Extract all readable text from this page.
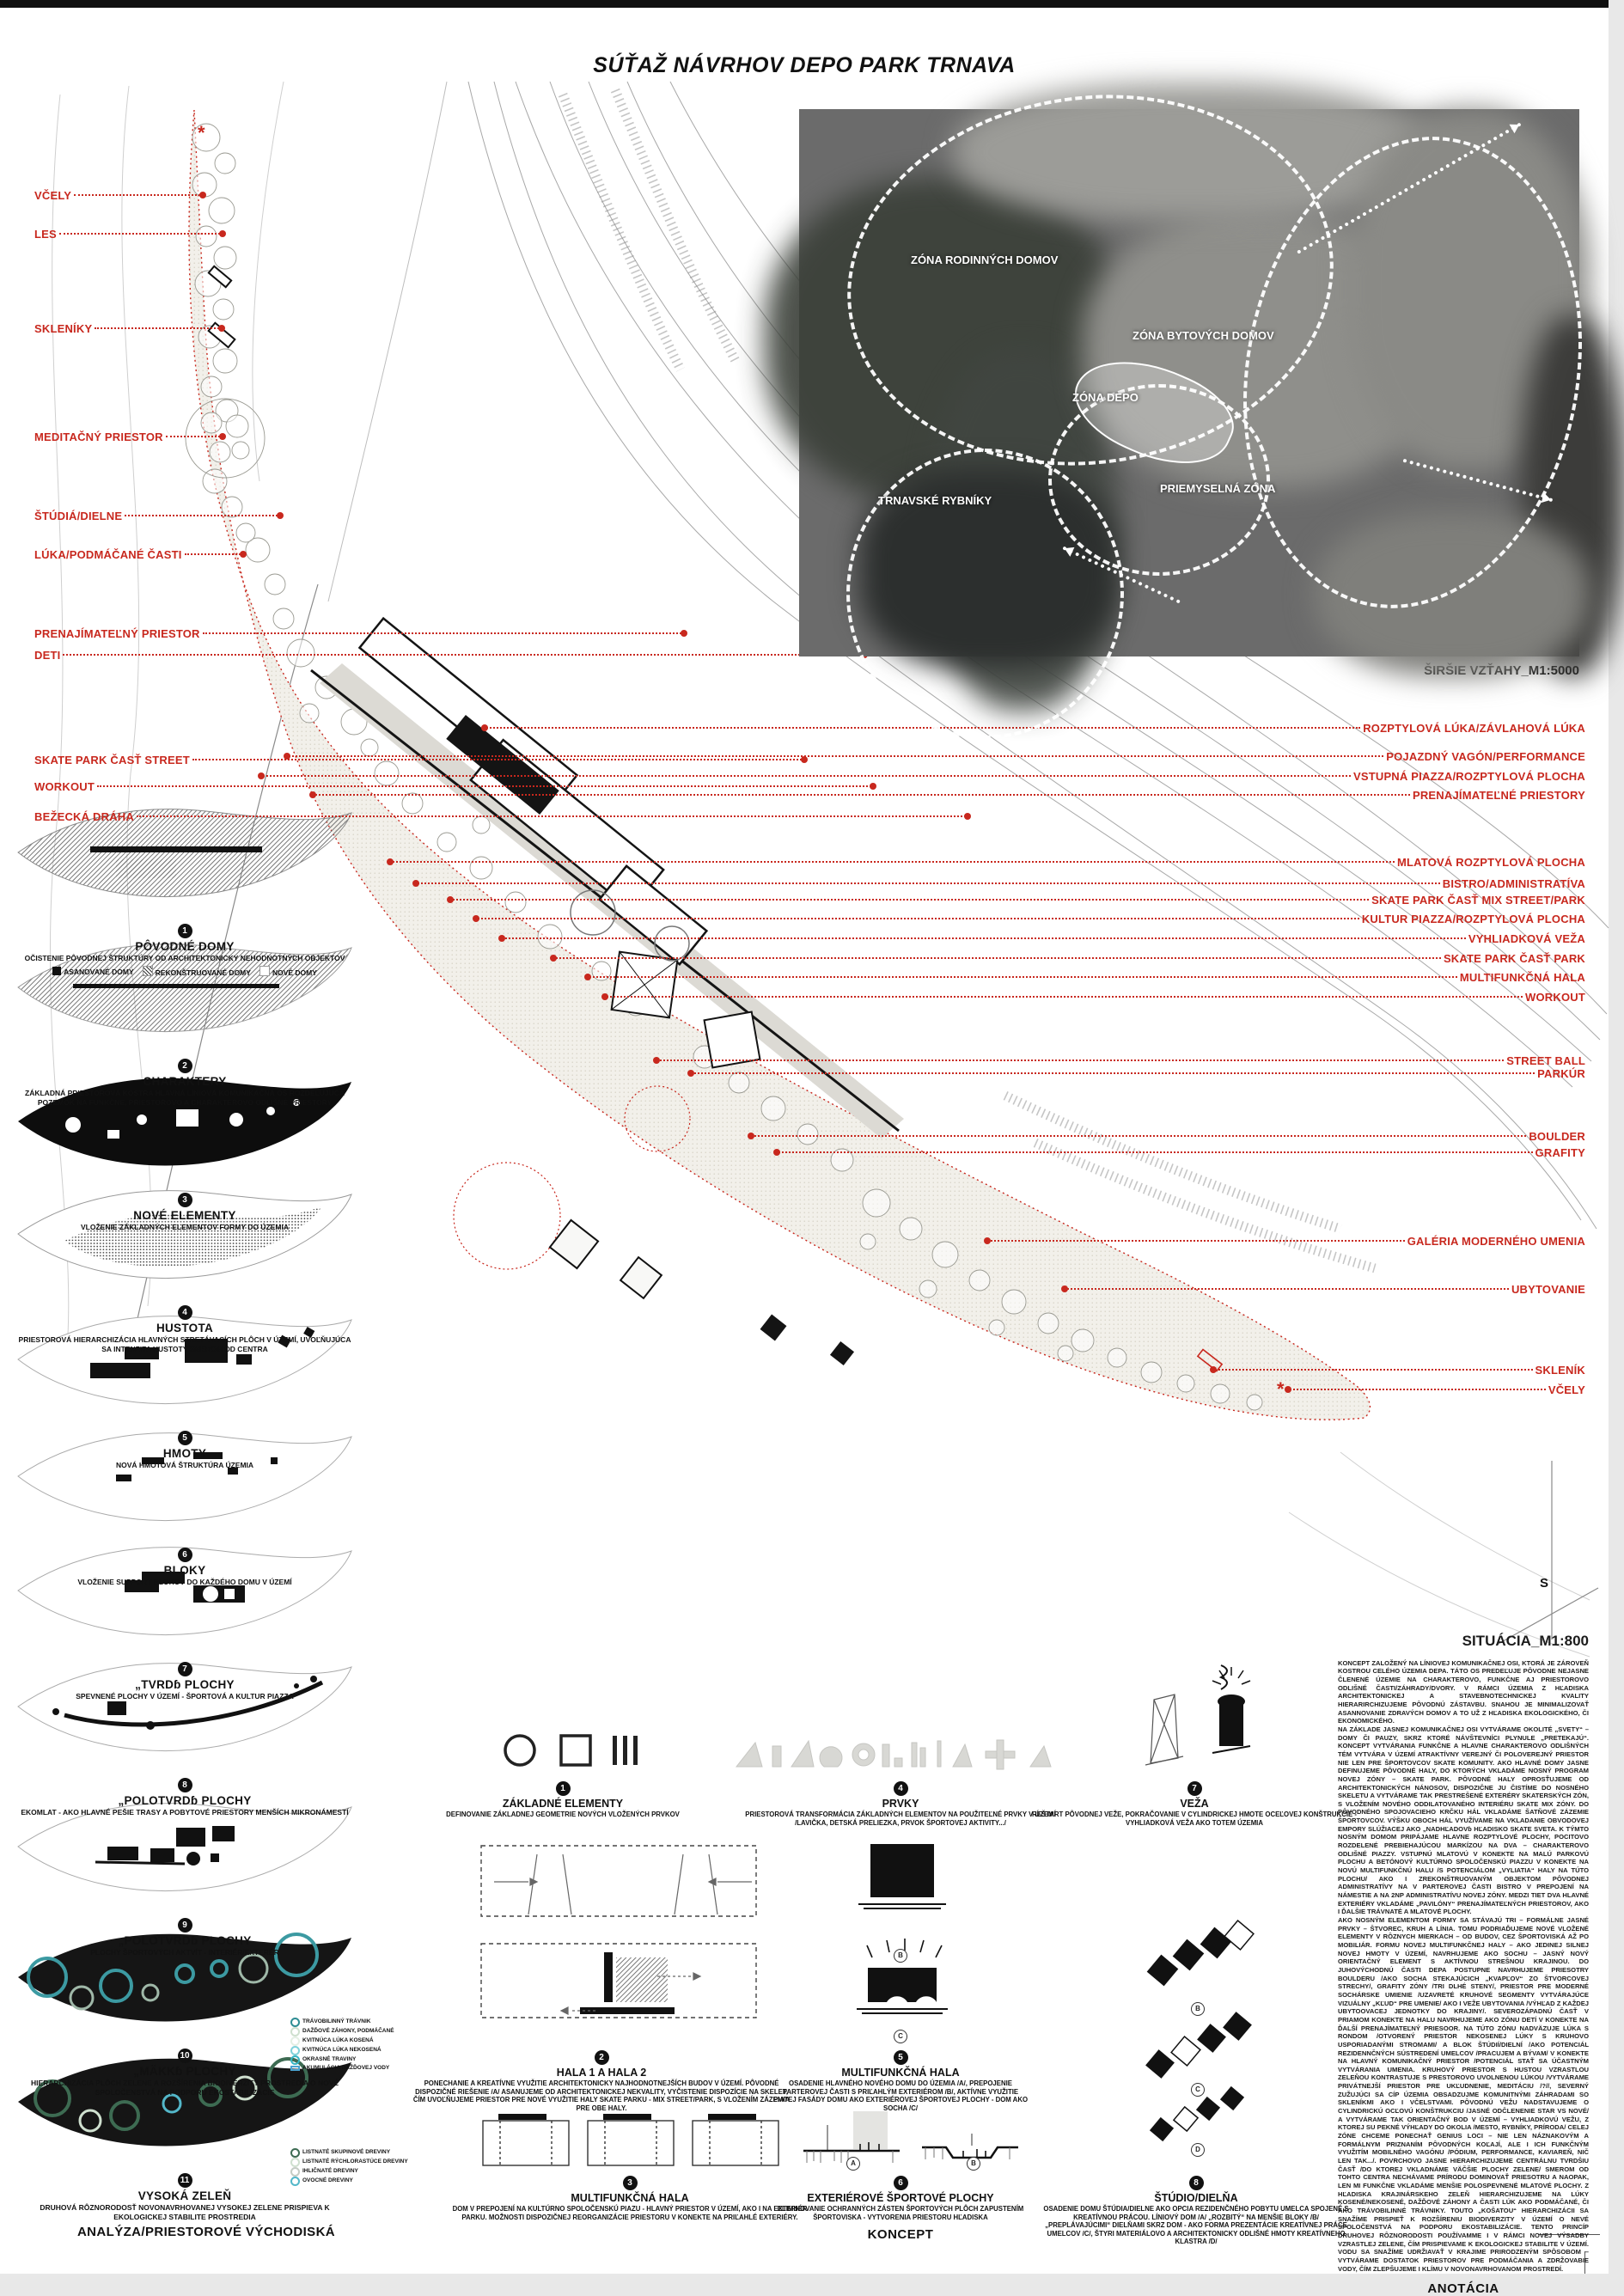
SÚŤAŽ NÁVRHOV DEPO PARK TRNAVA
*
*
S
ZÓNA RODINNÝCH DOMOV
ZÓNA BYTOVÝCH DOMOV
ZÓNA DEPO
TRNAVSKÉ RYBNÍKY
PRIEMYSELNÁ ZÓNA
VČELY
LES
SKLENÍKY
MEDITAČNÝ PRIESTOR
ŠTÚDIÁ/DIELNE
LÚKA/PODMÁČANÉ ČASTI
PRENAJÍMATEĽNÝ PRIESTOR
DETI
SKATE PARK ČASŤ STREET
WORKOUT
BEŽECKÁ DRÁHA
ROZPTYLOVÁ LÚKA/ZÁVLAHOVÁ LÚKA
POJAZDNÝ VAGÓN/PERFORMANCE
VSTUPNÁ PIAZZA/ROZPTYLOVÁ PLOCHA
PRENAJÍMATEĽNÉ PRIESTORY
MLATOVÁ ROZPTYLOVÁ PLOCHA
BISTRO/ADMINISTRATÍVA
SKATE PARK ČASŤ MIX STREET/PARK
KULTUR PIAZZA/ROZPTYLOVÁ PLOCHA
VYHLIADKOVÁ VEŽA
SKATE PARK ČASŤ PARK
MULTIFUNKČNÁ HALA
WORKOUT
STREET BALL
PARKÚR
BOULDER
GRAFITY
GALÉRIA MODERNÉHO UMENIA
UBYTOVANIE
SKLENÍK
VČELY
1
PÔVODNÉ DOMY

OČISTENIE PÔVODNEJ ŠTRUKTÚRY OD ARCHITEKTONICKY NEHODNOTNÝCH OBJEKTOV

ASANOVANÉ DOMY	REKONŠTRUOVANÉ DOMY	NOVÉ DOMY
2
CHARAKTERY

ZÁKLADNÁ PRIESTOROVÁ KOSTRA HLAVNÁ LÍNIOVÁ KOMUNIKAČNÁ OS ROZDEĽUJÚCA POZEMOK NA FUNKČNE, PRIESTOROVO A CHARAKTEROVO ODLIŠNÉ PRIESTORY

3
NOVÉ ELEMENTY

VLOŽENIE ZÁKLADNÝCH ELEMENTOV FORMY DO ÚZEMIA

4
HUSTOTA

PRIESTOROVÁ HIERARCHIZÁCIA HLAVNÝCH STRETÁVACÍCH PLÔCH V ÚZEMÍ, UVOĽŇUJÚCA SA INTENZITA HUSTOTY SMEROM OD CENTRA

5
HMOTY

NOVÁ HMOTOVÁ ŠTRUKTÚRA ÚZEMIA

6
BLOKY

VLOŽENIE SUPPORT BLOKOV DO KAŽDÉHO DOMU V ÚZEMÍ

7
„TVRDɓ PLOCHY

SPEVNENÉ PLOCHY V ÚZEMÍ - ŠPORTOVÁ A KULTUR PIAZZA

8
„POLOTVRDɓ PLOCHY

EKOMLAT - AKO HLAVNÉ PEŠIE TRASY A POBYTOVÉ PRIESTORY MENŠÍCH MIKRONÁMESTÍ

9
„POLOTVRDɓ PLOCHY

PLOCHY ŠPORTOVÝCH AKTVÍT - INTERIÉR/EXTERÉR

10
„MÄKKɓ PLOCHY

HIERARCHIZÁCIA PLÔCH ZELENE A ROZŠÍRENIA BIODIVERZITY PROSTREDIA O NOVÉ SPOLOČENSTVÁ NA PODPORU EKOSTABILIZÁCIE

11
VYSOKÁ ZELEŇ

DRUHOVÁ RÔZNORODOSŤ NOVONAVRHOVANEJ VYSOKEJ ZELENE PRISPIEVA K EKOLOGICKEJ STABILITE PROSTREDIA

TRÁVOBILINNÝ TRÁVNIK
DAŽĎOVÉ ZÁHONY, PODMÁČANÉ
KVITNÚCA LÚKA KOSENÁ
KVITNÚCA LÚKA NEKOSENÁ
OKRASNÉ TRAVINY
AKUMULÁCIA DAŽĎOVEJ VODY
LISTNATÉ SKUPINOVÉ DREVINY
LISTNATÉ RÝCHLORASTÚCE DREVINY
IHLIČNATÉ DREVINY
OVOCNÉ DREVINY
ANALÝZA/PRIESTOROVÉ VÝCHODISKÁ
B
C
B
C
D
A	B
1
ZÁKLADNÉ ELEMENTY

DEFINOVANIE ZÁKLADNEJ GEOMETRIE NOVÝCH VLOŽENÝCH PRVKOV

4
PRVKY

PRIESTOROVÁ TRANSFORMÁCIA ZÁKLADNÝCH ELEMENTOV NA POUŽITEĽNÉ PRVKY V ÚZEMÍ /LAVIČKA, DETSKÁ PRELIEZKA, PRVOK ŠPORTOVEJ AKTIVITY.../

7
VEŽA

REŠTART PÔVODNEJ VEŽE, POKRAČOVANIE V CYLINDRICKEJ HMOTE OCEĽOVEJ KONŠTRUKCIE - VYHLIADKOVÁ VEŽA AKO TOTEM ÚZEMIA

2
HALA 1 A HALA 2

PONECHANIE A KREATÍVNE VYUŽITIE ARCHITEKTONICKY NAJHODNOTNEJŠÍCH BUDOV V ÚZEMÍ. PÔVODNÉ DISPOZIČNÉ RIEŠENIE /A/ ASANUJEME OD ARCHITEKTONICKEJ NEKVALITY, VYČISTENIE DISPOZÍCIE NA SKELET, ČÍM UVOĽŇUJEME PRIESTOR PRE NOVÉ VYUŽITIE HALY SKATE PARKU - MIX STREET/PARK, S VLOŽENÍM ZÁZEMIA PRE OBE HALY.

5
MULTIFUNKČNÁ HALA

OSADENIE HLAVNÉHO NOVÉHO DOMU DO ÚZEMIA /A/, PREPOJENIE PARTEROVEJ ČASTI S PRIĽAHLÝM EXTERIÉROM /B/, AKTÍVNE VYUŽITIE PIATEJ FASÁDY DOMU AKO EXTERIÉROVEJ ŠPORTOVEJ PLOCHY - DOM AKO SOCHA /C/

3
MULTIFUNKČNÁ HALA

DOM V PREPOJENÍ NA KULTÚRNO SPOLOČENSKÚ PIAZU - HLAVNÝ PRIESTOR V ÚZEMÍ, AKO I NA EXTERIÉR PARKU. MOŽNOSTI DISPOZIČNEJ REORGANIZÁCIE PRIESTORU V KONEKTE NA PRIĽAHLÉ EXTERIÉRY.

6
EXTERIÉROVÉ ŠPORTOVÉ PLOCHY

ELIMINOVANIE OCHRANNÝCH ZÁSTEN ŠPORTOVÝCH PLÔCH ZAPUSTENÍM ŠPORTOVISKA - VYTVORENIA PRIESTORU HĽADISKA

8
ŠTÚDIO/DIELŇA

OSADENIE DOMU ŠTÚDIA/DIELNE AKO OPCIA REZIDENČNÉHO POBYTU UMELCA SPOJENÉ S KREATÍVNOU PRÁCOU. LÍNIOVÝ DOM /A/ „ROZBITÝ“ NA MENŠIE BLOKY /B/ „PREPLÁVAJÚCIMI“ DIELŇAMI SKRZ DOM - AKO FORMA PREZENTÁCIE KREATÍVNEJ PRÁCE UMELCOV /C/, ŠTYRI MATERIÁLOVO A ARCHITEKTONICKY ODLIŠNÉ HMOTY KREATÍVNEHO KLASTRA /D/

KONCEPT

SITUÁCIA_M1:800

KONCEPT ZALOŽENÝ NA LÍNIOVEJ KOMUNIKAČNEJ OSI, KTORÁ JE ZÁROVEŇ KOSTROU CELÉHO ÚZEMIA DEPA. TÁTO OS PREDEĽUJE PÔVODNE NEJASNE ČLENENÉ ÚZEMIE NA CHARAKTEROVO, FUNKČNE AJ PRIESTOROVO ODLIŠNÉ ČASTI/ZÁHRADY/DVORY. V RÁMCI ÚZEMIA Z HĽADISKA ARCHITEKTONICKEJ A STAVEBNOTECHNICKEJ KVALITY HIERARIRCHIZUJEME PÔVODNÚ ZÁSTAVBU. SNAHOU JE MINIMALIZOVAŤ ASANNOVANIE ZDRAVÝCH DOMOV A TO UŽ Z HĽADISKA EKOLOGICKÉHO, ČI EKONOMICKÉHO.

NA ZÁKLADE JASNEJ KOMUNIKAČNEJ OSI VYTVÁRAME OKOLITÉ „SVETY“ – DOMY ČI PAUZY, SKRZ KTORÉ NÁVŠTEVNÍCI PLYNULE „PRETEKAJÚ“. KONCEPT VYTVÁRANIA FUNKČNE A HLAVNE CHARAKTEROVO ODLIŠNÝCH TÉM VYTVÁRA V ÚZEMÍ ATRAKTÍVNY VEREJNÝ ČI POLOVEREJNÝ PRIESTOR NIE LEN PRE ŠPORTOVCOV SKATE KOMUNITY. AKO HLAVNÉ DOMY JASNE DEFINUJEME PÔVODNÉ HALY, DO KTORÝCH VKLADÁME NOSNÝ PROGRAM NOVEJ ZÓNY – SKATE PARK. PÔVODNÉ HALY OPROSŤUJEME OD ARCHITEKTONICKÝCH NÁNOSOV, DISPOZIČNE JU ČISTÍME DO NOSNÉHO SKELETU A VYTVÁRAME TAK PRESTREŠENÉ EXTERÉRY SKATERSKÝCH ZÓN, S VLOŽENÍM NOVÉHO ODDILATOVANÉHO INTERIÉRU SKATE MIX ZÓNY. DO PÔVODNÉHO SPOJOVACIEHO KRČKU HÁL VKLADÁME ŠATŇOVÉ ZÁZEMIE ŠPORTOVCOV. VÝŠKU OBOCH HÁL VYUŽÍVAME NA VKLADANIE OBVODOVEJ EMPORY SLÚŽIACEJ AKO „NADHĽADOVɓ HĽADISKO SKATE SVETA. K TÝMTO NOSNÝM DOMOM PRIPÁJAME HLAVNE ROZPTYLOVÉ PLOCHY, POCITOVO ROZDELENÉ PREBIEHAJÚCOU MARKÍZOU NA DVA – CHARAKTEROVO ODLIŠNÉ PIAZZY. VSTUPNÚ MLATOVÚ V KONEKTE NA MALÚ PARKOVÚ PLOCHU A BETÓNOVÝ KULTÚRNO SPOLOČENSKÚ PIAZZU V KONEKTE NA NOVÚ MULTIFUNKČNÚ HALU /S POTENCIÁLOM „VYLIATIA“ HALY NA TÚTO PLOCHU/ AKO I ZREKONŠTRUOVANÝM OBJEKTOM PÔVODNEJ ADMINISTRATÍVY NA V PARTEROVEJ ČASTI BISTRO V PREPOJENÍ NA NÁMESTIE A NA 2NP ADMINISTRATÍVU NOVEJ ZÓNY. MEDZI TIET DVA HLAVNÉ EXTERIÉRY VKLADÁME „PAVILÓNY“ PRENAJÍMATEĽNÝCH PRIESTOROV, AKO I ĎALŠIE TRÁVNATÉ A MLATOVÉ PLOCHY.

AKO NOSNÝM ELEMENTOM FORMY SA STÁVAJÚ TRI – FORMÁLNE JASNÉ PRVKY – ŠTVOREC, KRUH A LÍNIA. TOMU PODRIAĎUJEME NOVÉ VLOŽENÉ ELEMENTY V RÔZNYCH MIERKACH – OD BUDOV, CEZ ŠPORTOVISKÁ AŽ PO MOBILIÁR. FORMU NOVEJ MULTIFUNKČNEJ HALY – AKO JEDINEJ SILNEJ NOVEJ HMOTY V ÚZEMÍ, NAVRHUJEME AKO SOCHU – JASNÝ NOVÝ ORIENTAČNÝ ELEMENT S AKTÍVNOU STREŠNOU KRAJINOU. DO JUHOVÝCHODNÚ ČASTI DEPA POSTUPNE NAVRHUJEME PRIESOTRY BOULDERU /AKO SOCHA STEKAJÚCICH „KVAPĽOV“ ZO ŠTVORCOVEJ STRECHY/, GRAFITY ZÓNY /TRI DLHÉ STENY/, PRIESTOR PRE MODERNÉ SOCHÁRSKE UMIENIE /UZAVRETÉ KRUHOVÉ SEGMENTY VYTVÁRAJÚCE VIZUÁLNY „KĽUD“ PRE UMENIE/ AKO I VEŽE UBYTOVANIA /VÝHĽAD Z KAŽDEJ UBYTOOVACEJ JEDNOTKY DO KRAJINY/. SEVEROZÁPADNÚ ČASŤ V PRIAMOM KONEKTE NA HALU NAVRHUJEME AKO ZÓNU DETÍ V KONEKTE NA ĎALŠÍ PRENAJÍMATEĽNÝ PRIESOOR. NA TÚTO ZÓNU NADVÄZUJE LÚKA S RONDOM /OTVORENÝ PRIESTOR NEKOSENEJ LÚKY S KRUHOVO USPORIADANÝMI STROMAMI/ A BLOK ŠTÚDIÍ/DIELNÍ /AKO POTENCIÁL REZIDENNČNÝCH SÚSTREDENÍ UMELCOV /PRACUJEM A BÝVAM/ V KONEKTE NA HLAVNÝ KOMUNIKAČNÝ PRIESTOR /POTENCIÁL STAŤ SA ÚČASTNÝM VYTVÁRANIA UMENIA. KRUHOVÝ PRIESTOR S HUSTOU VZRASTLOU ZELEŇOU KONTRASTUJE S PRESTOROVO UVOLNENOU LÚKOU /VYTVÁRAME PRIVÁTNEJŠÍ PRIESTOR PRE UKĽUDNENIE, MEDITÁCIU /?//, SEVERNÝ ZUŽUJÚCI SA CÍP ÚZEMIA OBSADZUJME KOMUNITNÝMI ZÁHRADAMI SO SKLENÍKMI AKO I VČELSTVAMI. PÔVODNÚ VEŽU NADSTAVUJEME O CYLINDRICKÚ OCĽOVÚ KONŠTRUKCIU /JASNÉ ODČLENENIE STAR VS NOVÉ/ A VYTVÁRAME TAK ORIENTAČNÝ BOD V ÚZEMÍ – VYHLIADKOVÚ VEŽU, Z KTOREJ SU PEKNÉ VÝHĽADY DO OKOLIA /MESTO, RYBNÍKY, PRÍRODA/ CELEJ ZÓNE CHCEME PONECHAŤ GENIUS LOCI – NIE LEN NÁZNAKOVÝM A FORMÁLNYM PRIZNANÍM PÔVODNÝCH KOĽAJÍ, ALE I ICH FUNKČNÝM VYUŽITÍM MOBILNÉHO VAGÓNU /PÓDIUM, PERFORMANCE, KAVIAREŇ, NIČ LEN TAK.../. POVRCHOVO JASNE HIERARCHIZUJEME CENTRÁLNU TVRDŠIU ČASŤ /DO KTOREJ VKLADNÁME VÄČŠIE PLOCHY ZELENE/ SMEROM OD TOHTO CENTRA NECHÁVAME PRÍRODU DOMINOVAŤ PRIESOTRU A NAOPAK, LEN MI FUNKČNE VKLADÁME MENŠIE POLOSPEVNENÉ MLATOVÉ PLOCHY. Z HĽADISKA KRAJINÁRSKEHO ZELEŇ HIERARCHIZUJEME NA LÚKY KOSENÉ/NEKOSENÉ, DAŽĎOVÉ ZÁHONY A ČASTI LÚK AKO PODMÁČANÉ, ČI AKO TRÁVOBILINNÉ TRÁVNIKY. TOUTO „KOŠATOU“ HIERARCHIZÁCII SA SNAŽÍME PRISPIEŤ K ROZŠÍRENIU BIODIVERZITY V ÚZEMÍ O NEVÉ SPOLOČENSTVÁ NA PODPORU EKOSTABILIZÁCIE. TENTO PRINCÍP DRUHOVEJ RÔZNORODOSTI POUŽÍVAMME I V RÁMCI NOVEJ VÝSADBY VZRASTLEJ ZELENE, ČÍM PRISPIEVAME K EKOLOGICKEJ STABILITE V ÚZEMÍ. VODU SA SNAŽÍME UDRŽIAVAŤ V KRAJIME PRIRODZENÝM SPÔSOBOM – VYTVÁRAME DOSTATOK PRIESTOROV PRE PODMÁČANIA A ZDRŽOVABIE VODY, ČÍM ZLEPŠUJEME I KLÍMU V NOVONAVRHOVANOM PROSTREDÍ.

ANOTÁCIA
